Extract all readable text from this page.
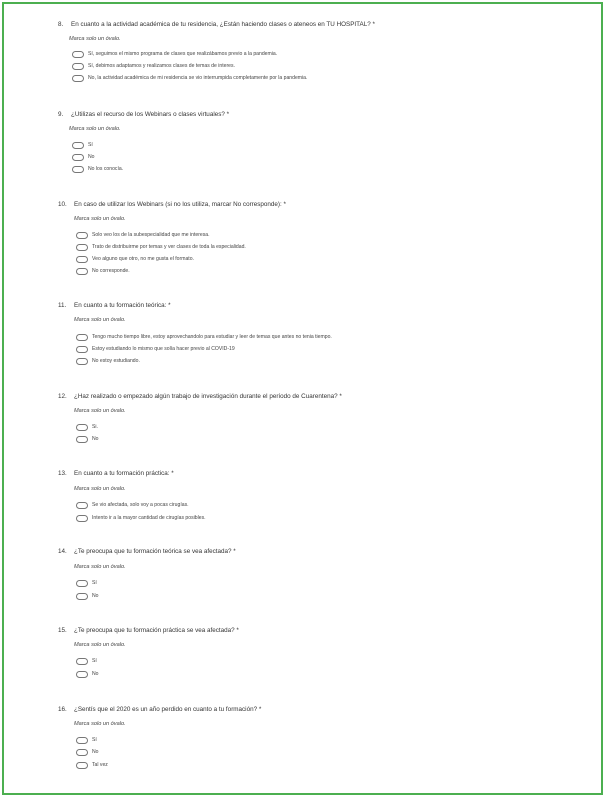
8. En cuanto a la actividad académica de tu residencia, ¿Están haciendo clases o ateneos en TU HOSPITAL? *
Marca solo un óvalo.
Sí, seguimos el mismo programa de clases que realizábamos previo a la pandemia.
Sí, debimos adaptamos y realizamos clases de temas de interes.
No, la actividad académica de mi residencia se vio interrumpida completamente por la pandemia.
9. ¿Utilizas el recurso de los Webinars o clases virtuales? *
Marca solo un óvalo.
Sí
No
No los conocía.
10. En caso de utilizar los Webinars (si no los utiliza, marcar No corresponde): *
Marca solo un óvalo.
Solo veo los de la subespecialidad que me interesa.
Trato de distribuirme por temas y ver clases de toda la especialidad.
Veo alguno que otro, no me gusta el formato.
No corresponde.
11. En cuanto a tu formación teórica: *
Marca solo un óvalo.
Tengo mucho tiempo libre, estoy aprovechandolo para estudiar y leer de temas que antes no tenia tiempo.
Estoy estudiando lo mismo que solía hacer previo al COVID-19
No estoy estudiando.
12. ¿Haz realizado o empezado algún trabajo de investigación durante el período de Cuarentena? *
Marca solo un óvalo.
Si.
No
13. En cuanto a tu formación práctica: *
Marca solo un óvalo.
Se vio afectada, solo voy a pocas cirugías.
Intento ir a la mayor cantidad de cirugías posibles.
14. ¿Te preocupa que tu formación teórica se vea afectada? *
Marca solo un óvalo.
Sí
No
15. ¿Te preocupa que tu formación práctica se vea afectada? *
Marca solo un óvalo.
Sí
No
16. ¿Sentís que el 2020 es un año perdido en cuanto a tu formación? *
Marca solo un óvalo.
Sí
No
Tal vez
